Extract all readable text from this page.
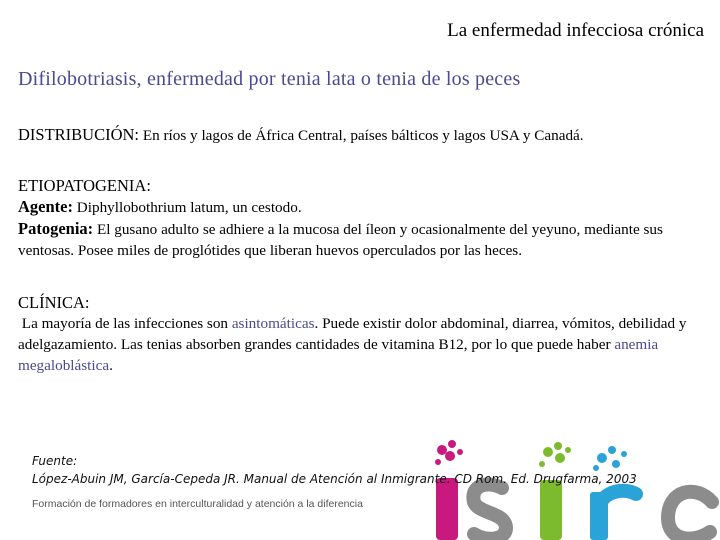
La enfermedad infecciosa crónica
Difilobotriasis, enfermedad por tenia lata o tenia de los peces
DISTRIBUCIÓN: En ríos y lagos de África Central, países bálticos y lagos USA y Canadá.
ETIOPATOGENIA:
Agente: Diphyllobothrium latum, un cestodo.
Patogenia: El gusano adulto se adhiere a la mucosa del íleon y ocasionalmente del yeyuno, mediante sus ventosas. Posee miles de proglótides que liberan huevos operculados por las heces.
CLÍNICA:
La mayoría de las infecciones son asintomáticas. Puede existir dolor abdominal, diarrea, vómitos, debilidad y adelgazamiento. Las tenias absorben grandes cantidades de vitamina B12, por lo que puede haber anemia megaloblástica.
Fuente:
López-Abuin JM, García-Cepeda JR. Manual de Atención al Inmigrante. CD Rom. Ed. Drugfarma, 2003
Formación de formadores en interculturalidad y atención a la diferencia
